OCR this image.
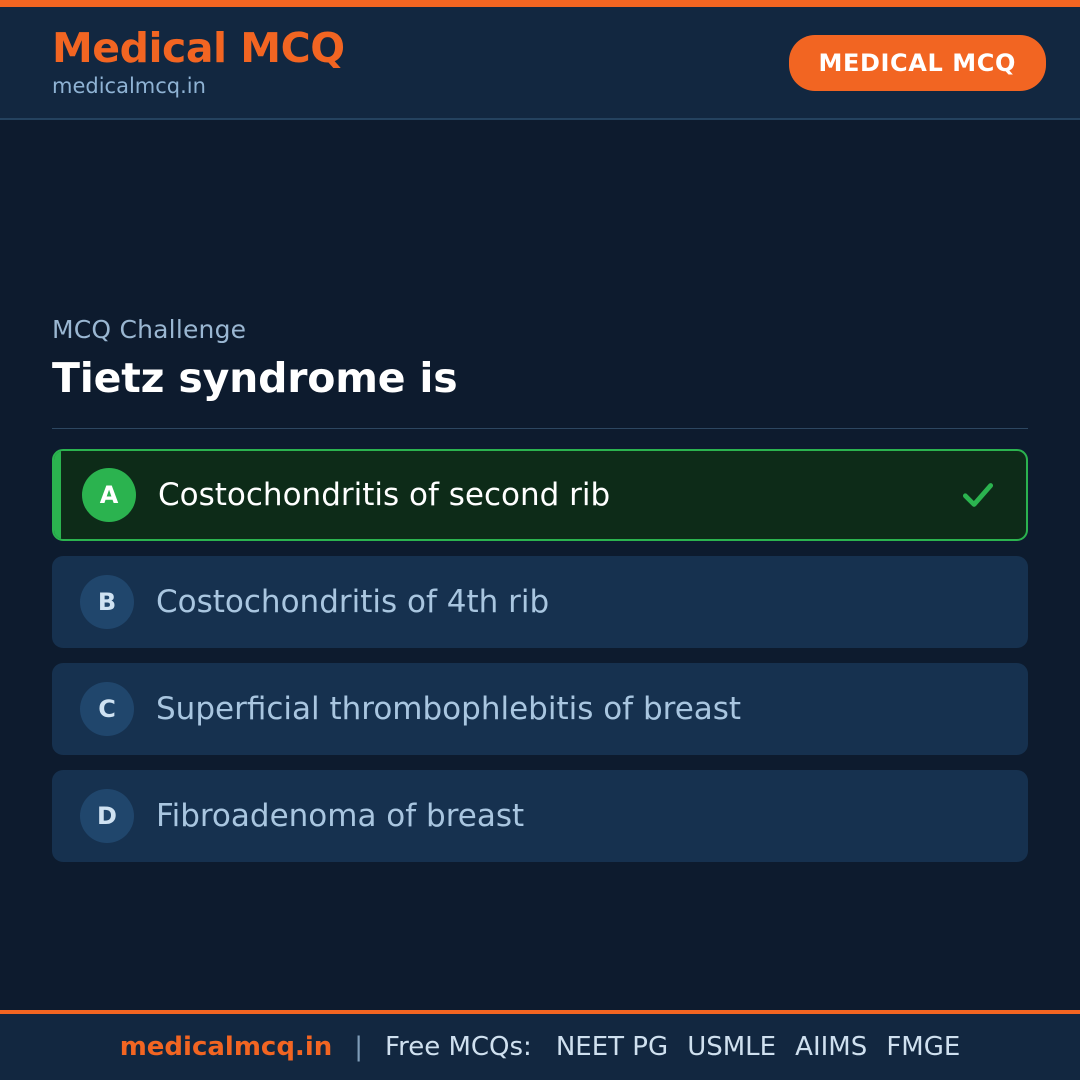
Medical MCQ
medicalmcq.in
MEDICAL MCQ
MCQ Challenge
Tietz syndrome is
A	Costochondritis of second rib
B	Costochondritis of 4th rib
C	Superficial thrombophlebitis of breast
D	Fibroadenoma of breast
medicalmcq.in | Free MCQs: NEET PG USMLE AIIMS FMGE
